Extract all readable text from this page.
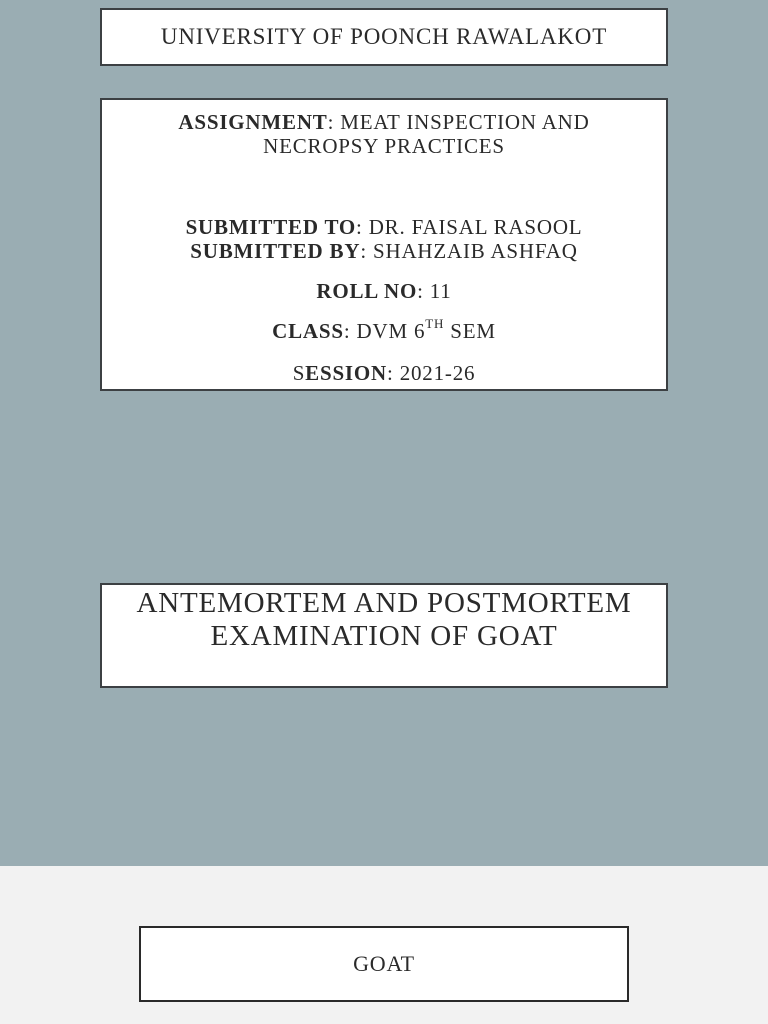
UNIVERSITY OF POONCH RAWALAKOT
ASSIGNMENT: MEAT INSPECTION AND NECROPSY PRACTICES
SUBMITTED TO: DR. FAISAL RASOOL
SUBMITTED BY: SHAHZAIB ASHFAQ
ROLL NO: 11
CLASS: DVM 6TH SEM
SESSION: 2021-26
ANTEMORTEM AND POSTMORTEM EXAMINATION OF GOAT
GOAT
